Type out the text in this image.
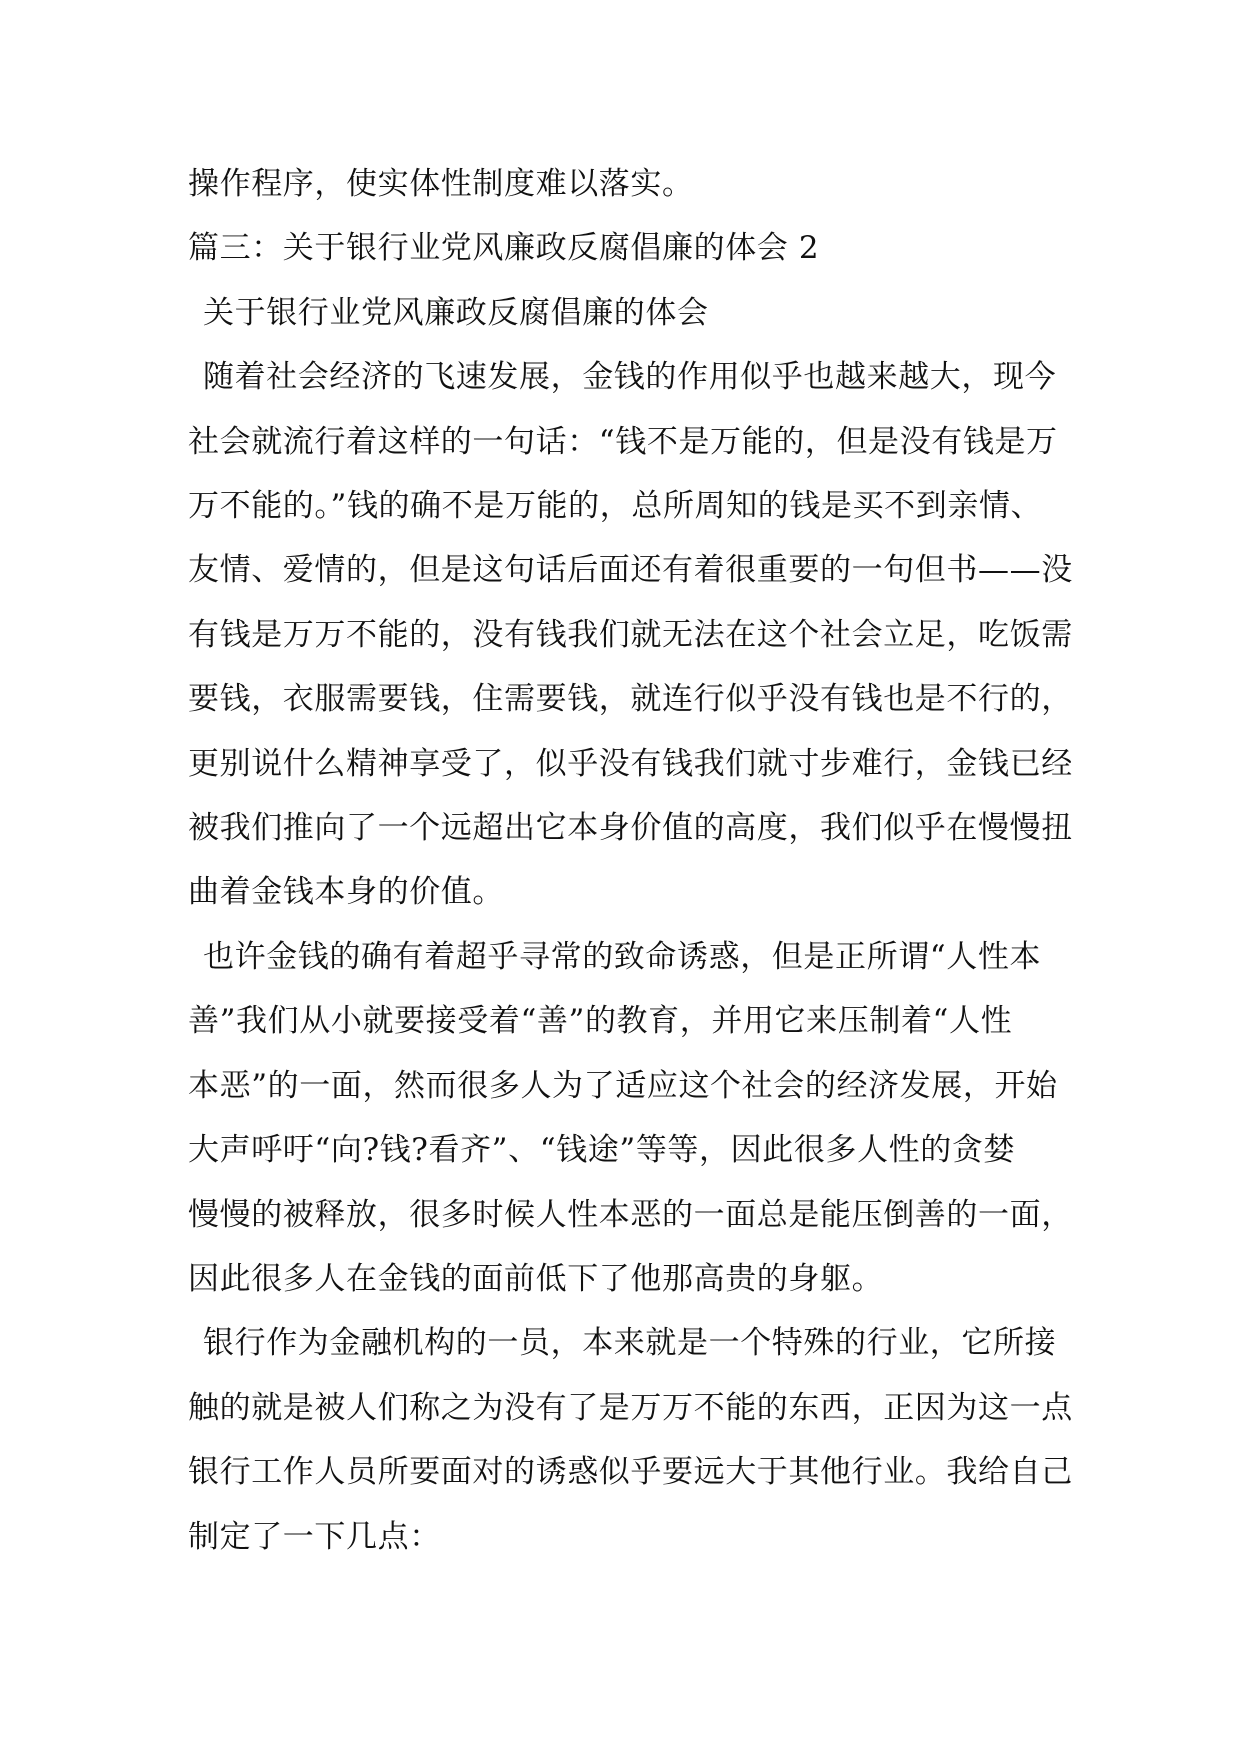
操作程序，使实体性制度难以落实。

篇三：关于银行业党风廉政反腐倡廉的体会 2

关于银行业党风廉政反腐倡廉的体会

随着社会经济的飞速发展，金钱的作用似乎也越来越大，现今

社会就流行着这样的一句话：“钱不是万能的，但是没有钱是万

万不能的。”钱的确不是万能的，总所周知的钱是买不到亲情、

友情、爱情的，但是这句话后面还有着很重要的一句但书——没

有钱是万万不能的，没有钱我们就无法在这个社会立足，吃饭需

要钱，衣服需要钱，住需要钱，就连行似乎没有钱也是不行的，

更别说什么精神享受了，似乎没有钱我们就寸步难行，金钱已经

被我们推向了一个远超出它本身价值的高度，我们似乎在慢慢扭

曲着金钱本身的价值。

也许金钱的确有着超乎寻常的致命诱惑，但是正所谓“人性本

善”我们从小就要接受着“善”的教育，并用它来压制着“人性

本恶”的一面，然而很多人为了适应这个社会的经济发展，开始

大声呼吁“向?钱?看齐”、“钱途”等等，因此很多人性的贪婪

慢慢的被释放，很多时候人性本恶的一面总是能压倒善的一面，

因此很多人在金钱的面前低下了他那高贵的身躯。

银行作为金融机构的一员，本来就是一个特殊的行业，它所接

触的就是被人们称之为没有了是万万不能的东西，正因为这一点

银行工作人员所要面对的诱惑似乎要远大于其他行业。我给自己

制定了一下几点：
